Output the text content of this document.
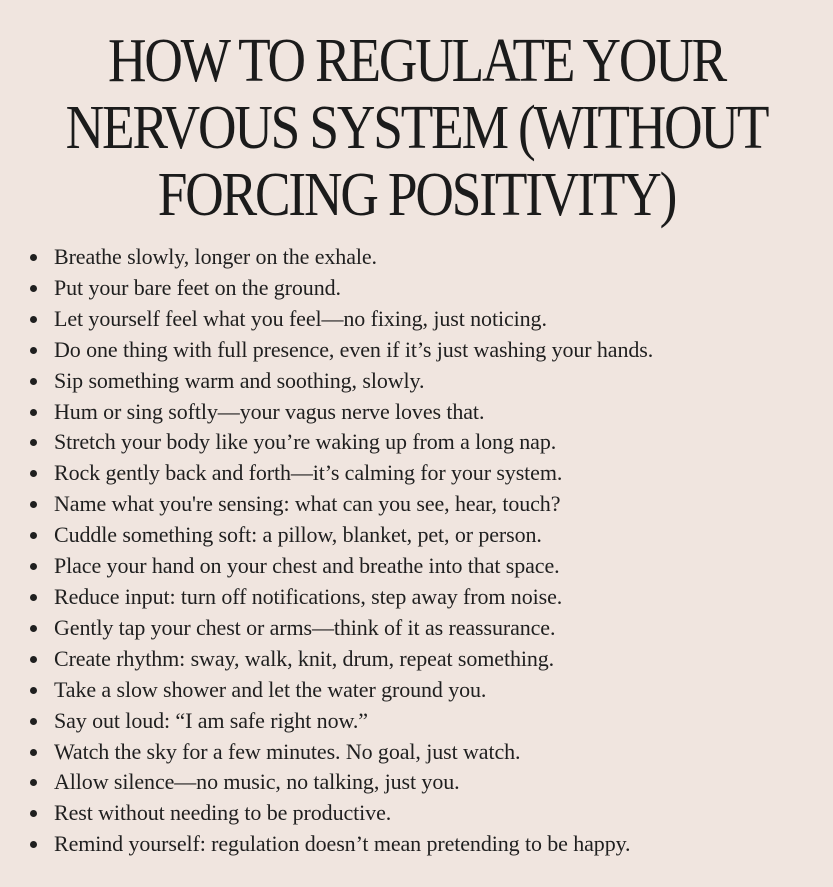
HOW TO REGULATE YOUR
NERVOUS SYSTEM (WITHOUT
FORCING POSITIVITY)
Breathe slowly, longer on the exhale.
Put your bare feet on the ground.
Let yourself feel what you feel—no fixing, just noticing.
Do one thing with full presence, even if it’s just washing your hands.
Sip something warm and soothing, slowly.
Hum or sing softly—your vagus nerve loves that.
Stretch your body like you’re waking up from a long nap.
Rock gently back and forth—it’s calming for your system.
Name what you're sensing: what can you see, hear, touch?
Cuddle something soft: a pillow, blanket, pet, or person.
Place your hand on your chest and breathe into that space.
Reduce input: turn off notifications, step away from noise.
Gently tap your chest or arms—think of it as reassurance.
Create rhythm: sway, walk, knit, drum, repeat something.
Take a slow shower and let the water ground you.
Say out loud: “I am safe right now.”
Watch the sky for a few minutes. No goal, just watch.
Allow silence—no music, no talking, just you.
Rest without needing to be productive.
Remind yourself: regulation doesn’t mean pretending to be happy.
